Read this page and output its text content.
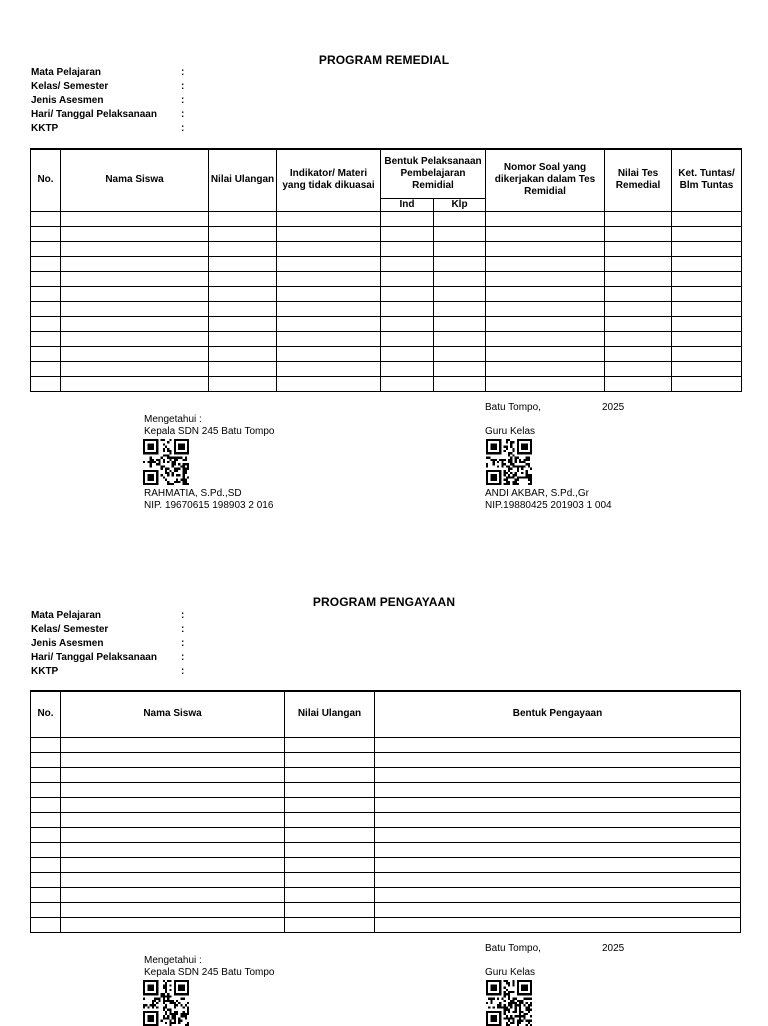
PROGRAM REMEDIAL
Mata Pelajaran	:
Kelas/ Semester	:
Jenis Asesmen	:
Hari/ Tanggal Pelaksanaan :
KKTP	:
No.	Nama Siswa	Nilai Ulangan	Indikator/ Materi yang tidak dikuasai	Bentuk Pelaksanaan Pembelajaran Remidial		Nomor Soal yang dikerjakan dalam Tes Remidial	Nilai Tes Remedial	Ket. Tuntas/ Blm Tuntas
				Ind	Klp			

Batu Tompo,	2025
Mengetahui :
Kepala SDN 245 Batu Tompo	Guru Kelas
RAHMATIA, S.Pd.,SD	ANDI AKBAR, S.Pd.,Gr
NIP. 19670615 198903 2 016	NIP.19880425 201903 1 004
PROGRAM PENGAYAAN
Mata Pelajaran	:
Kelas/ Semester	:
Jenis Asesmen	:
Hari/ Tanggal Pelaksanaan :
KKTP	:
No.	Nama Siswa	Nilai Ulangan	Bentuk Pengayaan

Batu Tompo,	2025
Mengetahui :
Kepala SDN 245 Batu Tompo	Guru Kelas
